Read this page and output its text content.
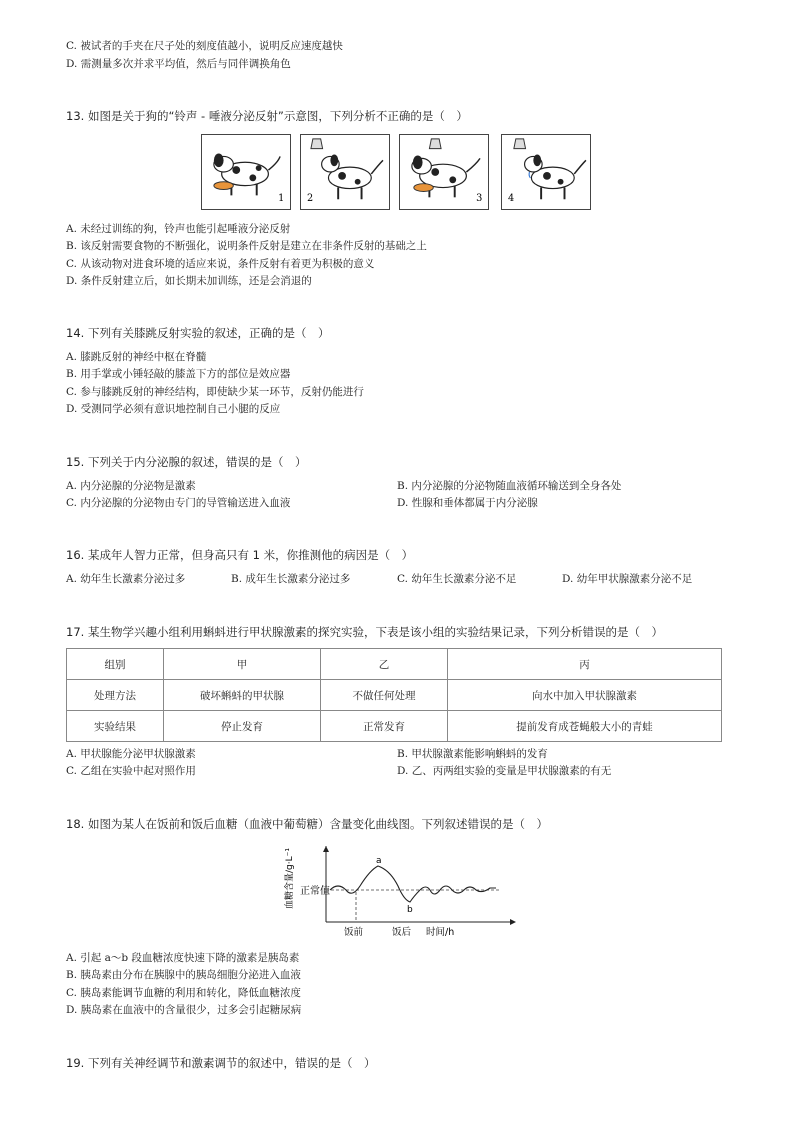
C. 被试者的手夹在尺子处的刻度值越小，说明反应速度越快
D. 需测量多次并求平均值，然后与同伴调换角色
13. 如图是关于狗的“铃声 - 唾液分泌反射”示意图，下列分析不正确的是（　）
1 2	3	4
A. 未经过训练的狗，铃声也能引起唾液分泌反射
B. 该反射需要食物的不断强化，说明条件反射是建立在非条件反射的基础之上
C. 从该动物对进食环境的适应来说，条件反射有着更为积极的意义
D. 条件反射建立后，如长期未加训练，还是会消退的
14. 下列有关膝跳反射实验的叙述，正确的是（　）
A. 膝跳反射的神经中枢在脊髓
B. 用手掌或小锤轻敲的膝盖下方的部位是效应器
C. 参与膝跳反射的神经结构，即使缺少某一环节，反射仍能进行
D. 受测同学必须有意识地控制自己小腿的反应
15. 下列关于内分泌腺的叙述，错误的是（　）
A. 内分泌腺的分泌物是激素	B. 内分泌腺的分泌物随血液循环输送到全身各处
C. 内分泌腺的分泌物由专门的导管输送进入血液	D. 性腺和垂体都属于内分泌腺
16. 某成年人智力正常，但身高只有 1 米，你推测他的病因是（　）
A. 幼年生长激素分泌过多	B. 成年生长激素分泌过多	C. 幼年生长激素分泌不足	D. 幼年甲状腺激素分泌不足
17. 某生物学兴趣小组利用蝌蚪进行甲状腺激素的探究实验，下表是该小组的实验结果记录，下列分析错误的是（　）
组别	甲	乙	丙
处理方法	破坏蝌蚪的甲状腺	不做任何处理	向水中加入甲状腺激素
实验结果	停止发育	正常发育	提前发育成苍蝇般大小的青蛙
A. 甲状腺能分泌甲状腺激素	B. 甲状腺激素能影响蝌蚪的发育
C. 乙组在实验中起对照作用	D. 乙、丙两组实验的变量是甲状腺激素的有无
18. 如图为某人在饭前和饭后血糖（血液中葡萄糖）含量变化曲线图。下列叙述错误的是（　）
血糖含量/g·L⁻¹ 正常值
a
b
饭前	饭后 时间/h
A. 引起 a～b 段血糖浓度快速下降的激素是胰岛素
B. 胰岛素由分布在胰腺中的胰岛细胞分泌进入血液
C. 胰岛素能调节血糖的利用和转化，降低血糖浓度
D. 胰岛素在血液中的含量很少，过多会引起糖尿病
19. 下列有关神经调节和激素调节的叙述中，错误的是（　）
